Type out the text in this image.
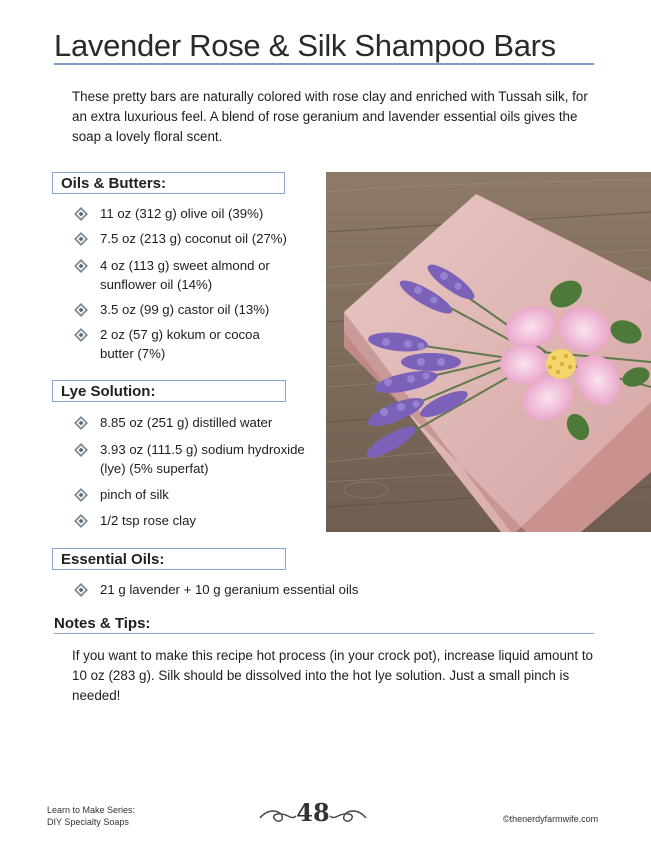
Lavender Rose & Silk Shampoo Bars
These pretty bars are naturally colored with rose clay and enriched with Tussah silk, for an extra luxurious feel. A blend of rose geranium and lavender essential oils gives the soap a lovely floral scent.
Oils & Butters:
11 oz (312 g) olive oil (39%)
7.5 oz (213 g) coconut oil (27%)
4 oz (113 g) sweet almond or sunflower oil (14%)
3.5 oz (99 g) castor oil (13%)
2 oz (57 g) kokum or cocoa butter (7%)
Lye Solution:
8.85 oz (251 g) distilled water
3.93 oz (111.5 g) sodium hydroxide (lye) (5% superfat)
pinch of silk
1/2 tsp rose clay
Essential Oils:
21 g lavender + 10 g geranium essential oils
Notes & Tips:
If you want to make this recipe hot process (in your crock pot), increase liquid amount to 10 oz (283 g). Silk should be dissolved into the hot lye solution. Just a small pinch is needed!
Learn to Make Series:
DIY Specialty Soaps	48	©thenerdyfarmwife.com
